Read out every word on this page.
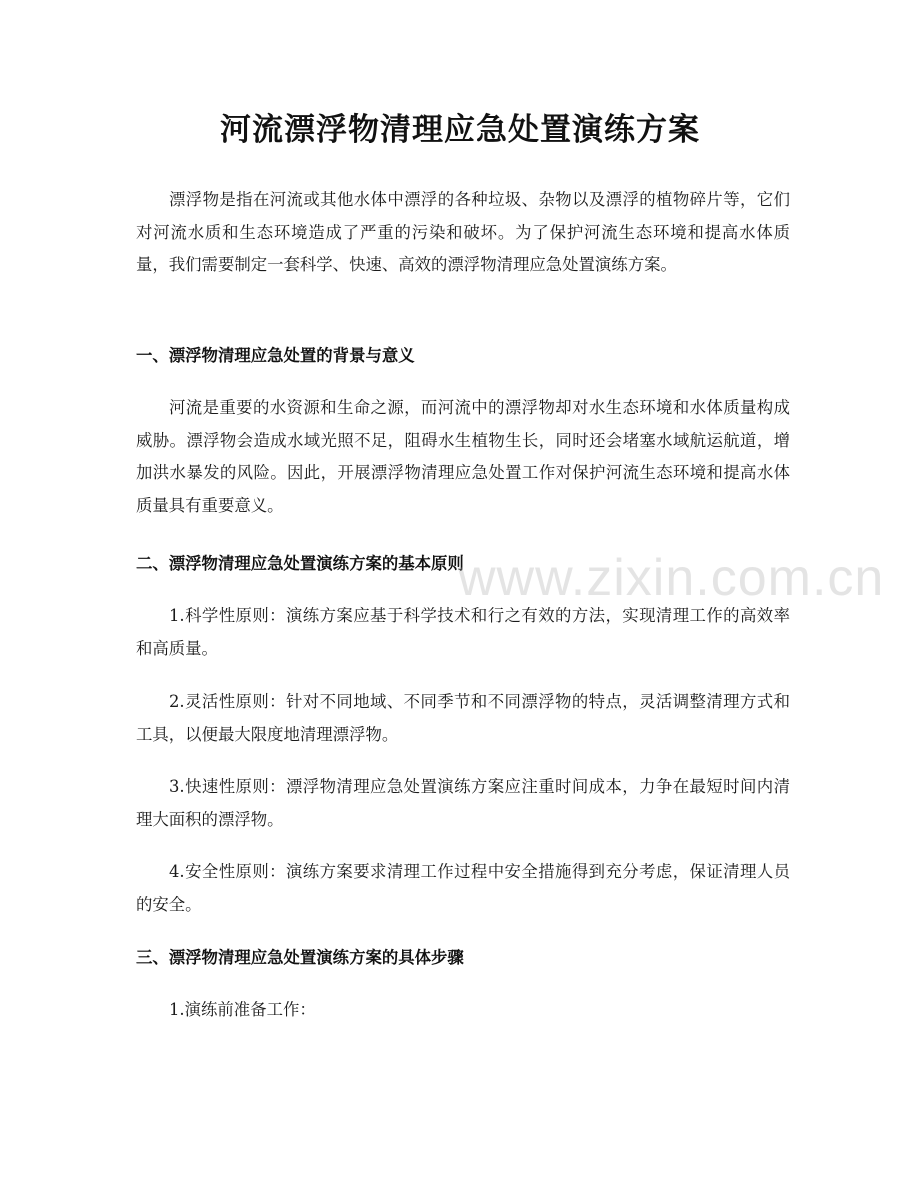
河流漂浮物清理应急处置演练方案
漂浮物是指在河流或其他水体中漂浮的各种垃圾、杂物以及漂浮的植物碎片等，它们对河流水质和生态环境造成了严重的污染和破坏。为了保护河流生态环境和提高水体质量，我们需要制定一套科学、快速、高效的漂浮物清理应急处置演练方案。
一、漂浮物清理应急处置的背景与意义
河流是重要的水资源和生命之源，而河流中的漂浮物却对水生态环境和水体质量构成威胁。漂浮物会造成水域光照不足，阻碍水生植物生长，同时还会堵塞水域航运航道，增加洪水暴发的风险。因此，开展漂浮物清理应急处置工作对保护河流生态环境和提高水体质量具有重要意义。
二、漂浮物清理应急处置演练方案的基本原则
1.科学性原则：演练方案应基于科学技术和行之有效的方法，实现清理工作的高效率和高质量。
2.灵活性原则：针对不同地域、不同季节和不同漂浮物的特点，灵活调整清理方式和工具，以便最大限度地清理漂浮物。
3.快速性原则：漂浮物清理应急处置演练方案应注重时间成本，力争在最短时间内清理大面积的漂浮物。
4.安全性原则：演练方案要求清理工作过程中安全措施得到充分考虑，保证清理人员的安全。
三、漂浮物清理应急处置演练方案的具体步骤
1.演练前准备工作：
www.zixin.com.cn
